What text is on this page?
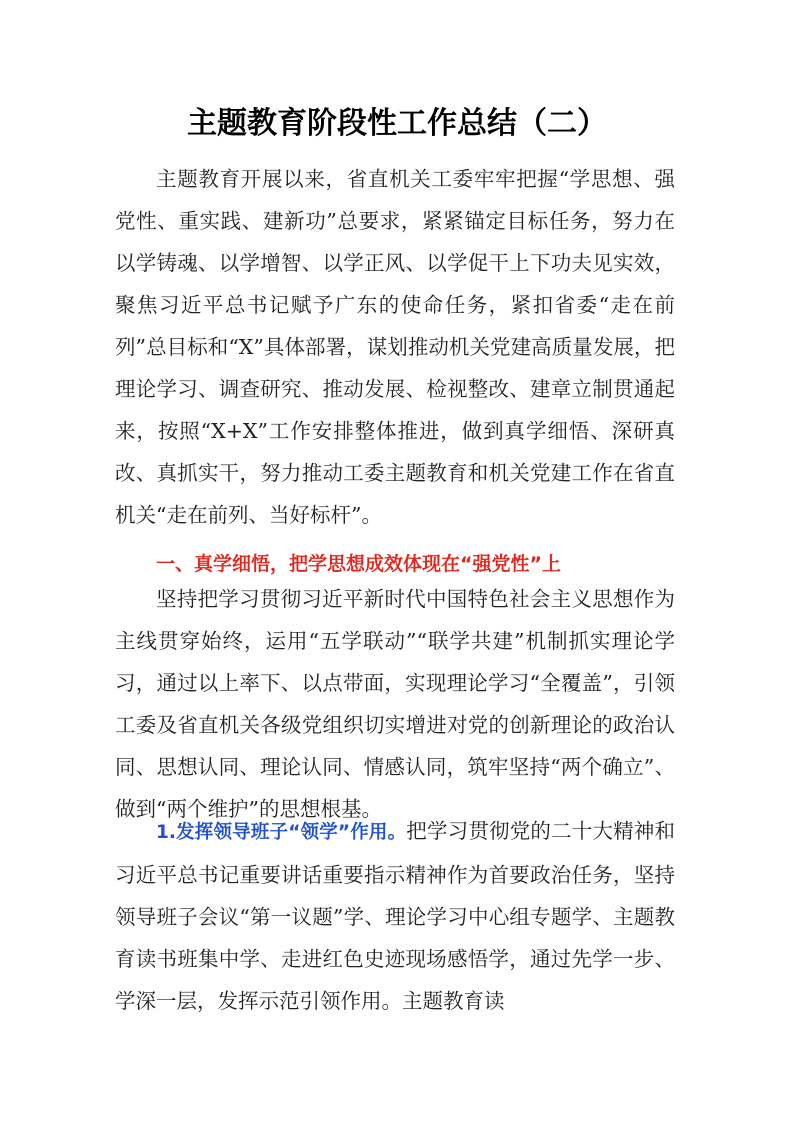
主题教育阶段性工作总结（二）

主题教育开展以来，省直机关工委牢牢把握“学思想、强党性、重实践、建新功”总要求，紧紧锚定目标任务，努力在以学铸魂、以学增智、以学正风、以学促干上下功夫见实效，聚焦习近平总书记赋予广东的使命任务，紧扣省委“走在前列”总目标和“X”具体部署，谋划推动机关党建高质量发展，把理论学习、调查研究、推动发展、检视整改、建章立制贯通起来，按照“X+X”工作安排整体推进，做到真学细悟、深研真改、真抓实干，努力推动工委主题教育和机关党建工作在省直机关“走在前列、当好标杆”。

一、真学细悟，把学思想成效体现在“强党性”上

坚持把学习贯彻习近平新时代中国特色社会主义思想作为主线贯穿始终，运用“五学联动”“联学共建”机制抓实理论学习，通过以上率下、以点带面，实现理论学习“全覆盖”，引领工委及省直机关各级党组织切实增进对党的创新理论的政治认同、思想认同、理论认同、情感认同，筑牢坚持“两个确立”、做到“两个维护”的思想根基。

1.发挥领导班子“领学”作用。把学习贯彻党的二十大精神和习近平总书记重要讲话重要指示精神作为首要政治任务，坚持领导班子会议“第一议题”学、理论学习中心组专题学、主题教育读书班集中学、走进红色史迹现场感悟学，通过先学一步、学深一层，发挥示范引领作用。主题教育读
